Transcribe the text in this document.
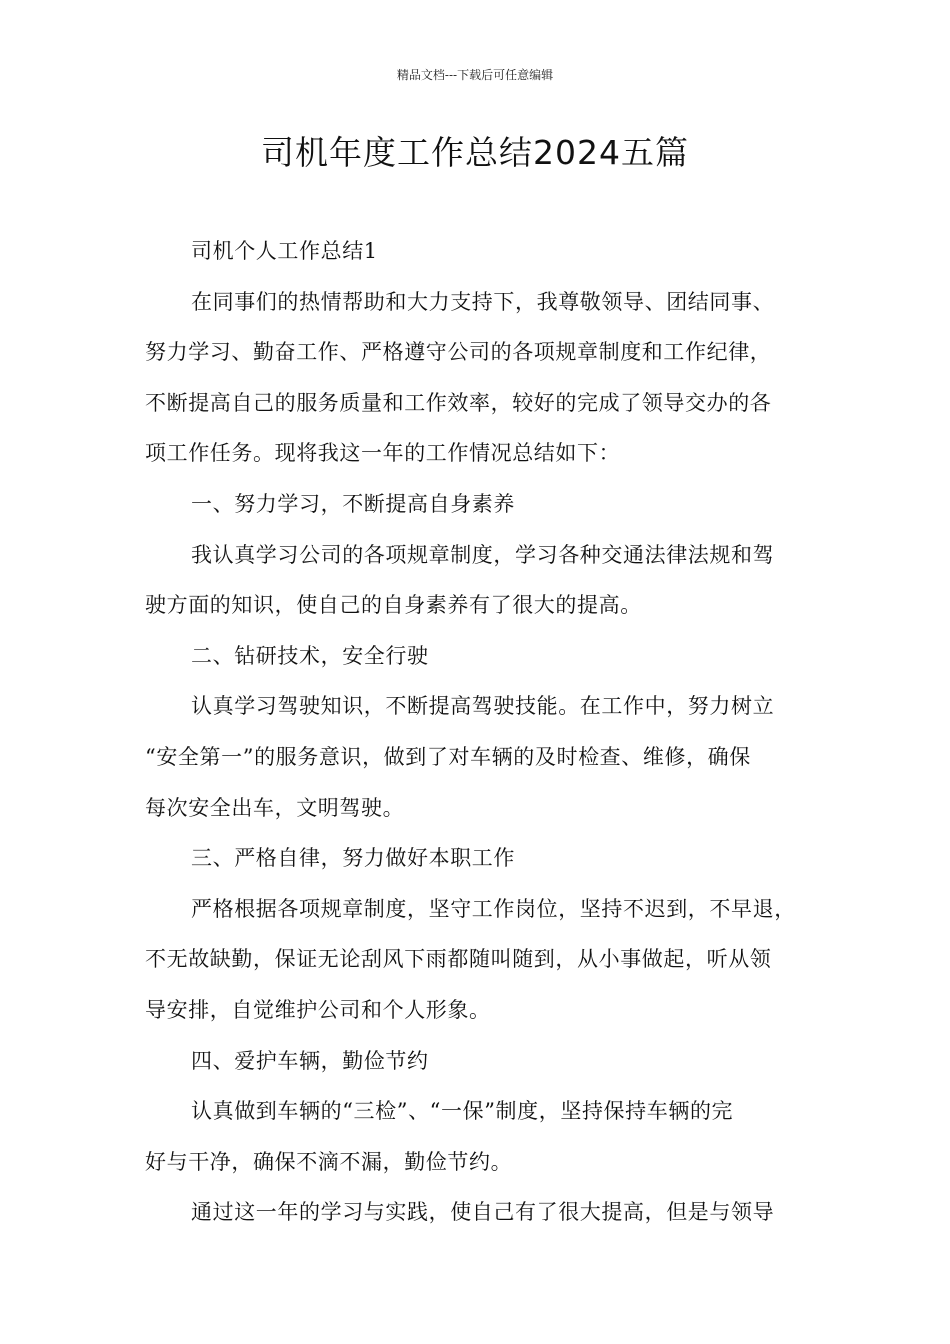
精品文档---下载后可任意编辑
司机年度工作总结2024五篇
司机个人工作总结1
在同事们的热情帮助和大力支持下，我尊敬领导、团结同事、
努力学习、勤奋工作、严格遵守公司的各项规章制度和工作纪律，
不断提高自己的服务质量和工作效率，较好的完成了领导交办的各
项工作任务。现将我这一年的工作情况总结如下：
一、努力学习，不断提高自身素养
我认真学习公司的各项规章制度，学习各种交通法律法规和驾
驶方面的知识，使自己的自身素养有了很大的提高。
二、钻研技术，安全行驶
认真学习驾驶知识，不断提高驾驶技能。在工作中，努力树立
“安全第一”的服务意识，做到了对车辆的及时检查、维修，确保
每次安全出车，文明驾驶。
三、严格自律，努力做好本职工作
严格根据各项规章制度，坚守工作岗位，坚持不迟到，不早退，
不无故缺勤，保证无论刮风下雨都随叫随到，从小事做起，听从领
导安排，自觉维护公司和个人形象。
四、爱护车辆，勤俭节约
认真做到车辆的“三检”、“一保”制度，坚持保持车辆的完
好与干净，确保不滴不漏，勤俭节约。
通过这一年的学习与实践，使自己有了很大提高，但是与领导
